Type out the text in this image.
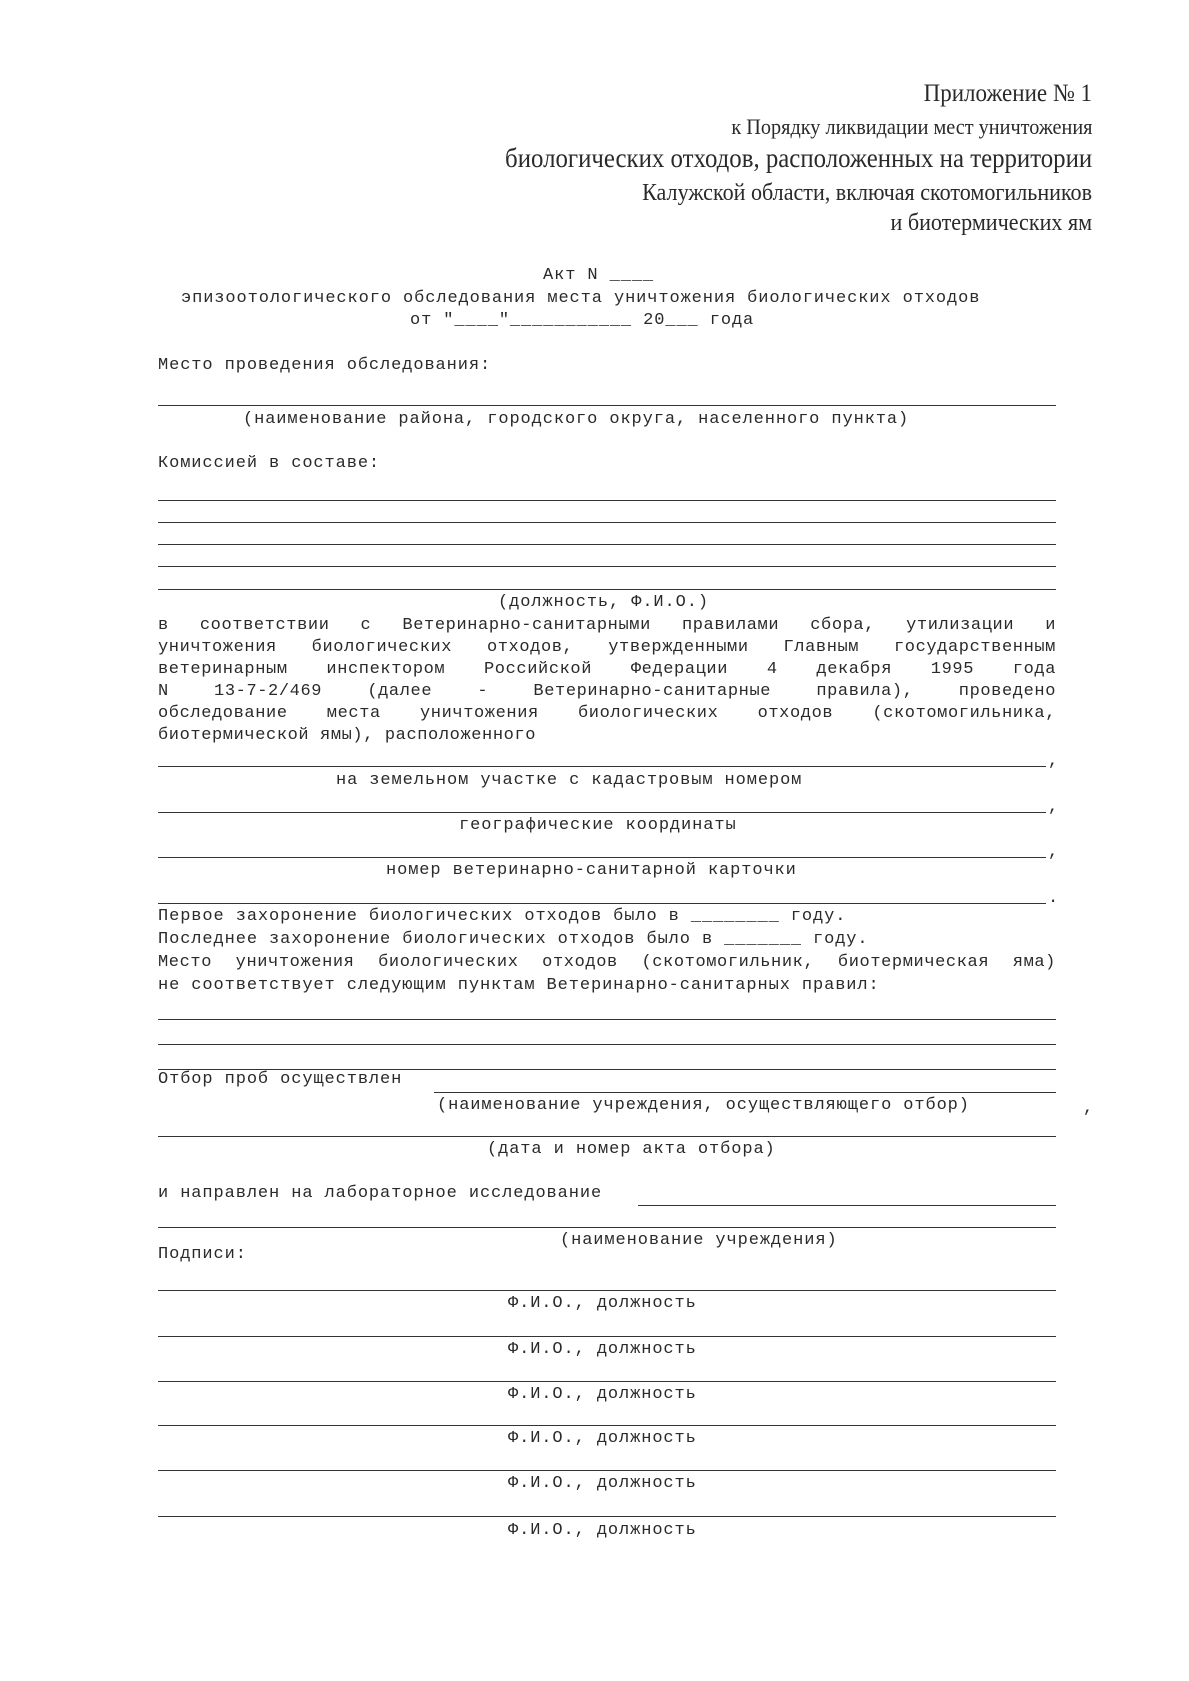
Приложение № 1
к Порядку ликвидации мест уничтожения
биологических отходов, расположенных на территории
Калужской области, включая скотомогильников
и биотермических ям
Акт N ____
эпизоотологического обследования места уничтожения биологических отходов
от "____"___________ 20___ года
Место проведения обследования:
(наименование района, городского округа, населенного пункта)
Комиссией в составе:
(должность, Ф.И.О.)
в соответствии с Ветеринарно-санитарными правилами сбора, утилизации и
уничтожения биологических отходов, утвержденными Главным государственным
ветеринарным инспектором Российской Федерации 4 декабря 1995 года
N 13-7-2/469 (далее - Ветеринарно-санитарные правила), проведено
обследование места уничтожения биологических отходов (скотомогильника,
биотермической ямы), расположенного
,
на земельном участке с кадастровым номером
,
географические координаты
,
номер ветеринарно-санитарной карточки
.
Первое захоронение биологических отходов было в ________ году.
Последнее захоронение биологических отходов было в _______ году.
Место уничтожения биологических отходов (скотомогильник, биотермическая яма)
не соответствует следующим пунктам Ветеринарно-санитарных правил:
Отбор проб осуществлен
(наименование учреждения, осуществляющего отбор)	,
(дата и номер акта отбора)
и направлен на лабораторное исследование
(наименование учреждения)
Подписи:
Ф.И.О., должность
Ф.И.О., должность
Ф.И.О., должность
Ф.И.О., должность
Ф.И.О., должность
Ф.И.О., должность
